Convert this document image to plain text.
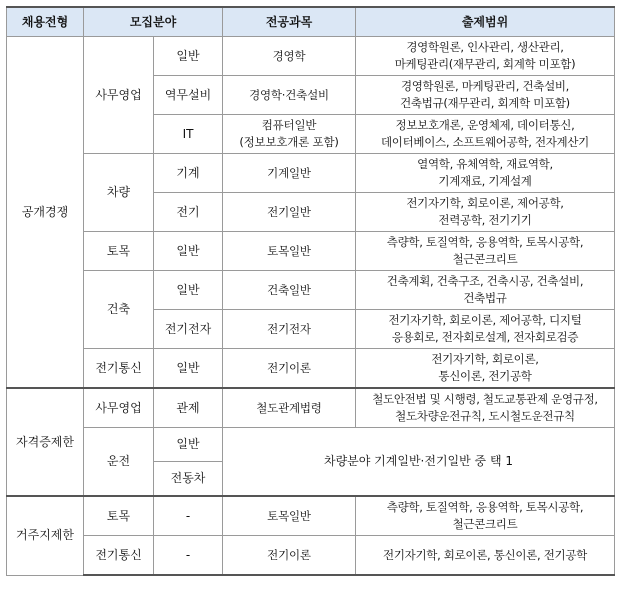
채용전형	모집분야		전공과목	출제범위
공개경쟁	사무영업	일반	경영학	경영학원론, 인사관리, 생산관리,
마케팅관리(재무관리, 회계학 미포함)
		역무설비	경영학·건축설비	경영학원론, 마케팅관리, 건축설비,
건축법규(재무관리, 회계학 미포함)
		IT	컴퓨터일반
(정보보호개론 포함)	정보보호개론, 운영체제, 데이터통신,
데이터베이스, 소프트웨어공학, 전자계산기
	차량	기계	기계일반	열역학, 유체역학, 재료역학,
기계재료, 기계설계
		전기	전기일반	전기자기학, 회로이론, 제어공학,
전력공학, 전기기기
	토목	일반	토목일반	측량학, 토질역학, 응용역학, 토목시공학,
철근콘크리트
	건축	일반	건축일반	건축계획, 건축구조, 건축시공, 건축설비,
건축법규
		전기전자	전기전자	전기자기학, 회로이론, 제어공학, 디지털
응용회로, 전자회로설계, 전자회로검증
	전기통신	일반	전기이론	전기자기학, 회로이론,
통신이론, 전기공학
자격증제한	사무영업	관제	철도관계법령	철도안전법 및 시행령, 철도교통관제 운영규정,
철도차량운전규칙, 도시철도운전규칙
	운전	일반	차량분야 기계일반·전기일반 중 택 1	
		전동차		
거주지제한	토목	-	토목일반	측량학, 토질역학, 응용역학, 토목시공학,
철근콘크리트
	전기통신	-	전기이론	전기자기학, 회로이론, 통신이론, 전기공학
